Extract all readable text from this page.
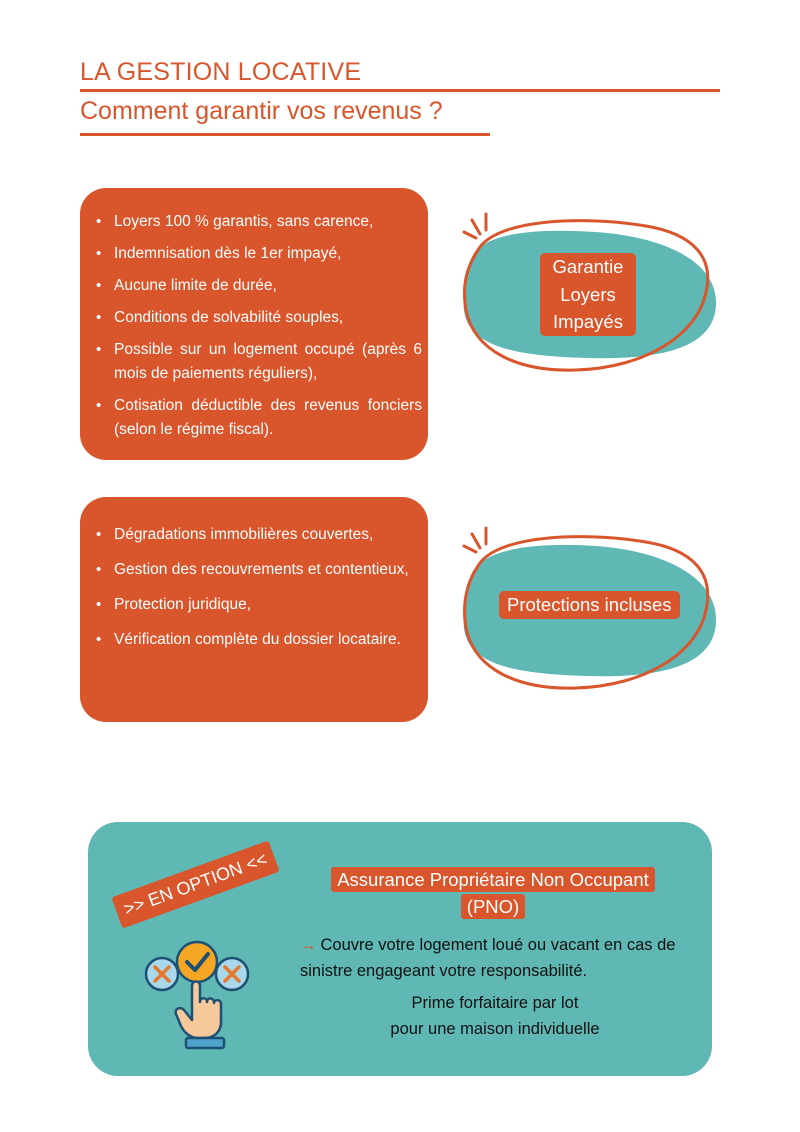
LA GESTION LOCATIVE
Comment garantir vos revenus ?
• Loyers 100 % garantis, sans carence,
• Indemnisation dès le 1er impayé,
• Aucune limite de durée,
• Conditions de solvabilité souples,
• Possible sur un logement occupé (après 6 mois de paiements réguliers),
• Cotisation déductible des revenus fonciers (selon le régime fiscal).
Garantie
Loyers
Impayés
• Dégradations immobilières couvertes,
• Gestion des recouvrements et contentieux,
• Protection juridique,
• Vérification complète du dossier locataire.
Protections incluses
>> EN OPTION <<	Assurance Propriétaire Non Occupant (PNO)
→ Couvre votre logement loué ou vacant en cas de sinistre engageant votre responsabilité.
Prime forfaitaire par lot
pour une maison individuelle
